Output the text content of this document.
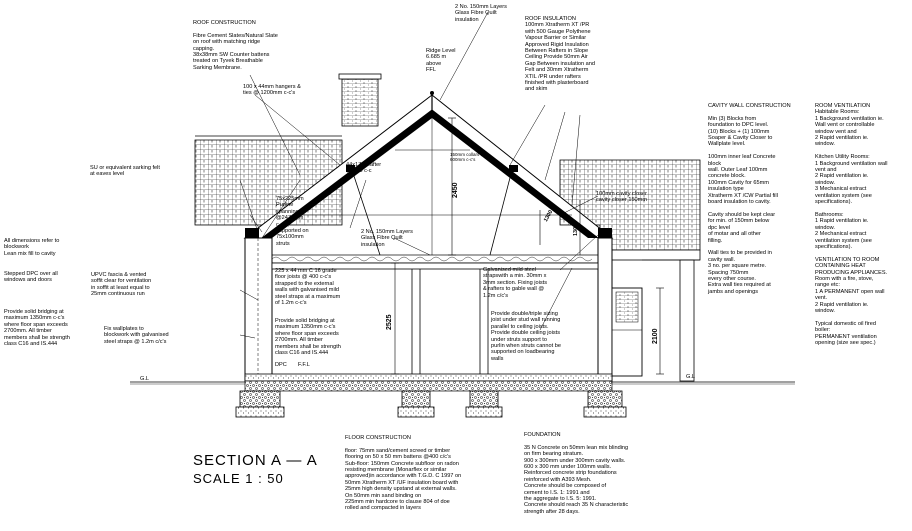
ROOF CONSTRUCTION

Fibre Cement Slates/Natural Slate
on roof with matching ridge
capping.
38x38mm SW Counter battens
treated on Tyvek Breathable
Sarking Membrane.
2 No. 150mm Layers
Glass Fibre Quilt
insulation	ROOF INSULATION
100mm Xtratherm XT /PR
with 500 Gauge Polythene
Vapour Barrier or Similar
Approved Rigid Insulation
Between Rafters in Slope
Ceiling Provide 50mm Air
Gap Between insulation and
Felt and 30mm Xtratherm
XTIL /PR under rafters
finished with plasterboard
and skim
Ridge Level
6.685 m
above
FFL
100 x 44mm hangers &
ties @ 1200mm c-c's
SU or equivalent sarking felt
at eaves level
44x175 Rafter
@ 400 c-c
75x225mm
Purline
spanning
@2470mm
c-c's,
supported on
75x100mm
struts
150mm collars @
600mm c-c's
100mm cavity closer
cavity closer 150mm
2 No. 150mm Layers
Glass Fibre Quilt
insulation
All dimensions refer to
blockwork
Lean mix fill to cavity
Stepped DPC over all
windows and doors
UPVC fascia & vented
soffit clear for ventilation
in soffit at least equal to
25mm continuous run
Provide solid bridging at
maximum 1350mm c-c's
where floor span exceeds
2700mm. All timber
members shall be strength
class C16 and IS.444
Fix wallplates to
blockwork with galvanised
steel straps @ 1.2m c/c's
225 x 44 mm C 16 grade
floor joists @ 400 c-c's
strapped to the external
walls with galvanised mild
steel straps at a maximum
of 1.2m c-c's
Provide solid bridging at
maximum 1350mm c-c's
where floor span exceeds
2700mm. All timber
members shall be strength
class C16 and IS.444
Galvanised mild steel
strapswith a min. 30mm x
3mm section. Fixing joists
& rafters to gable wall @
1.2m c/c's
Provide double/triple sizing
joist under stud wall running
parallel to ceiling joists.
Provide double ceiling joists
under struts support to
purlin when struts cannot be
supported on loadbearing
walls
DPC	F.F.L
G.L	G.L
CAVITY WALL CONSTRUCTION

Min (3) Blocks from
foundation to DPC level.
(10) Blocks + (1) 100mm
Soaper & Cavity Closer to
Wallplate level.

100mm inner leaf Concrete
block
wall. Outer Leaf 100mm
concrete block.
100mm Cavity for 65mm
insulation type
Xtratherm XT /CW Partial fill
board insulation to cavity.

Cavity should be kept clear
for min. of 150mm below
dpc level
of motar and all other
filling.

Wall ties to be provided in
cavity wall.
3 no. per square metre.
Spacing 750mm
every other course.
Extra wall ties required at
jambs and openings
ROOM VENTILATION
Habitable Rooms:
1 Background ventilation ie.
Wall vent or controllable
window vent and
2 Rapid ventilation ie.
window.

Kitchen Utility Rooms:
1 Background ventilation wall
vent and
2 Rapid ventilation ie.
window.
3 Mechanical extract
ventilation system (see
specifications).

Bathrooms:
1 Rapid ventilation ie.
window.
2 Mechanical extract
ventilation system (see
specifications).

VENTILATION TO ROOM
CONTAINING HEAT
PRODUCING APPLIANCES.
Room with a fire, stove,
range etc:
1 A PERMANENT open wall
vent.
2 Rapid ventilation ie.
window.

Typical domestic oil fired
boiler:
PERMANENT ventilation
opening (size see spec.)
FLOOR CONSTRUCTION

floor: 75mm sand/cement screed or timber
flooring on 50 x 50 mm battens @400 c/c's
Sub-floor: 150mm Concrete subfloor on radon
resisting membrane (Monarflex or similar
approved)in accordance with T.G.D. C 1997 on
50mm Xtratherm XT /UF insulation board with
25mm high density upstand at external walls.
On 50mm min sand binding on
225mm min hardcore to clause 804 of doe
rolled and compacted in layers
FOUNDATION

35 N Concrete on 50mm lean mix blinding
on firm bearing stratum.
900 x 300mm under 300mm cavity walls.
600 x 300 mm under 100mm walls.
Reinforced concrete strip foundations
reinforced with A393 Mesh.
Concrete should be composed of
cement to I.S. 1: 1991 and
the aggregate to I.S. 5: 1991.
Concrete should reach 35 N characteristic
strength after 28 days.
2450
2525
2100
1300
1300
SECTION A — A
SCALE 1 : 50
